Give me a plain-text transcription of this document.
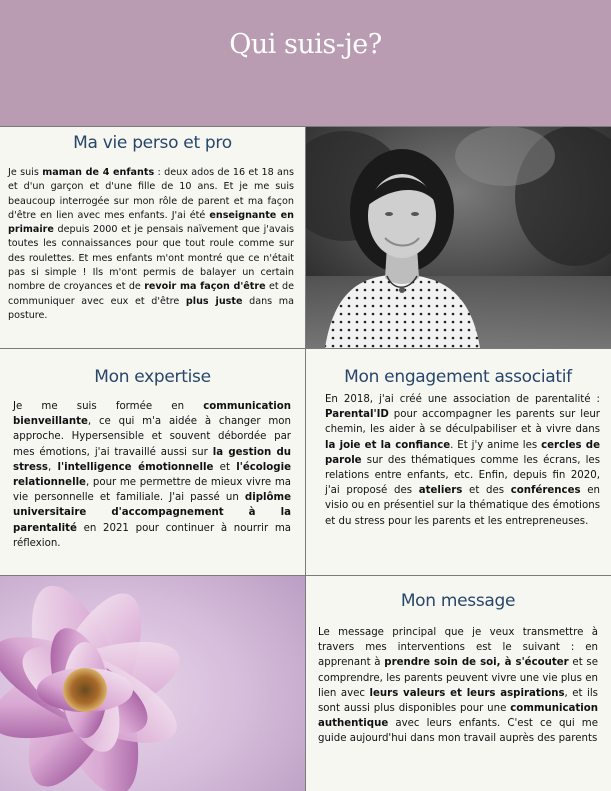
Qui suis-je?
Ma vie perso et pro
Je suis maman de 4 enfants : deux ados de 16 et 18 ans et d'un garçon et d'une fille de 10 ans. Et je me suis beaucoup interrogée sur mon rôle de parent et ma façon d'être en lien avec mes enfants. J'ai été enseignante en primaire depuis 2000 et je pensais naïvement que j'avais toutes les connaissances pour que tout roule comme sur des roulettes. Et mes enfants m'ont montré que ce n'était pas si simple ! Ils m'ont permis de balayer un certain nombre de croyances et de revoir ma façon d'être et de communiquer avec eux et d'être plus juste dans ma posture.
Mon expertise
Je me suis formée en communication bienveillante, ce qui m'a aidée à changer mon approche. Hypersensible et souvent débordée par mes émotions, j'ai travaillé aussi sur la gestion du stress, l'intelligence émotionnelle et l'écologie relationnelle, pour me permettre de mieux vivre ma vie personnelle et familiale. J'ai passé un diplôme universitaire d'accompagnement à la parentalité en 2021 pour continuer à nourrir ma réflexion.
Mon engagement associatif
En 2018, j'ai créé une association de parentalité : Parental'ID pour accompagner les parents sur leur chemin, les aider à se déculpabiliser et à vivre dans la joie et la confiance. Et j'y anime les cercles de parole sur des thématiques comme les écrans, les relations entre enfants, etc. Enfin, depuis fin 2020, j'ai proposé des ateliers et des conférences en visio ou en présentiel sur la thématique des émotions et du stress pour les parents et les entrepreneuses.
Mon message
Le message principal que je veux transmettre à travers mes interventions est le suivant : en apprenant à prendre soin de soi, à s'écouter et se comprendre, les parents peuvent vivre une vie plus en lien avec leurs valeurs et leurs aspirations, et ils sont aussi plus disponibles pour une communication authentique avec leurs enfants. C'est ce qui me guide aujourd'hui dans mon travail auprès des parents
